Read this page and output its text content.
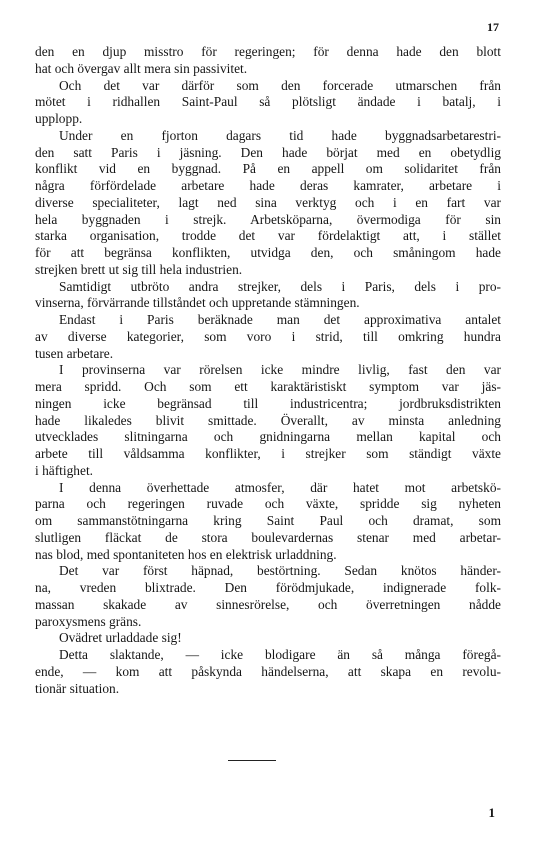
17
den en djup misstro för regeringen; för denna hade den blott
hat och övergav allt mera sin passivitet.
Och det var därför som den forcerade utmarschen från
mötet i ridhallen Saint-Paul så plötsligt ändade i batalj, i
upplopp.
Under en fjorton dagars tid hade byggnadsarbetarestri-
den satt Paris i jäsning. Den hade börjat med en obetydlig
konflikt vid en byggnad. På en appell om solidaritet från
några förfördelade arbetare hade deras kamrater, arbetare i
diverse specialiteter, lagt ned sina verktyg och i en fart var
hela byggnaden i strejk. Arbetsköparna, övermodiga för sin
starka organisation, trodde det var fördelaktigt att, i stället
för att begränsa konflikten, utvidga den, och småningom hade
strejken brett ut sig till hela industrien.
Samtidigt utbröto andra strejker, dels i Paris, dels i pro-
vinserna, förvärrande tillståndet och uppretande stämningen.
Endast i Paris beräknade man det approximativa antalet
av diverse kategorier, som voro i strid, till omkring hundra
tusen arbetare.
I provinserna var rörelsen icke mindre livlig, fast den var
mera spridd. Och som ett karaktäristiskt symptom var jäs-
ningen icke begränsad till industricentra; jordbruksdistrikten
hade likaledes blivit smittade. Överallt, av minsta anledning
utvecklades slitningarna och gnidningarna mellan kapital och
arbete till våldsamma konflikter, i strejker som ständigt växte
i häftighet.
I denna överhettade atmosfer, där hatet mot arbetskö-
parna och regeringen ruvade och växte, spridde sig nyheten
om sammanstötningarna kring Saint Paul och dramat, som
slutligen fläckat de stora boulevardernas stenar med arbetar-
nas blod, med spontaniteten hos en elektrisk urladdning.
Det var först häpnad, bestörtning. Sedan knötos händer-
na, vreden blixtrade. Den förödmjukade, indignerade folk-
massan skakade av sinnesrörelse, och överretningen nådde
paroxysmens gräns.
Ovädret urladdade sig!
Detta slaktande, — icke blodigare än så många föregå-
ende, — kom att påskynda händelserna, att skapa en revolu-
tionär situation.
1
